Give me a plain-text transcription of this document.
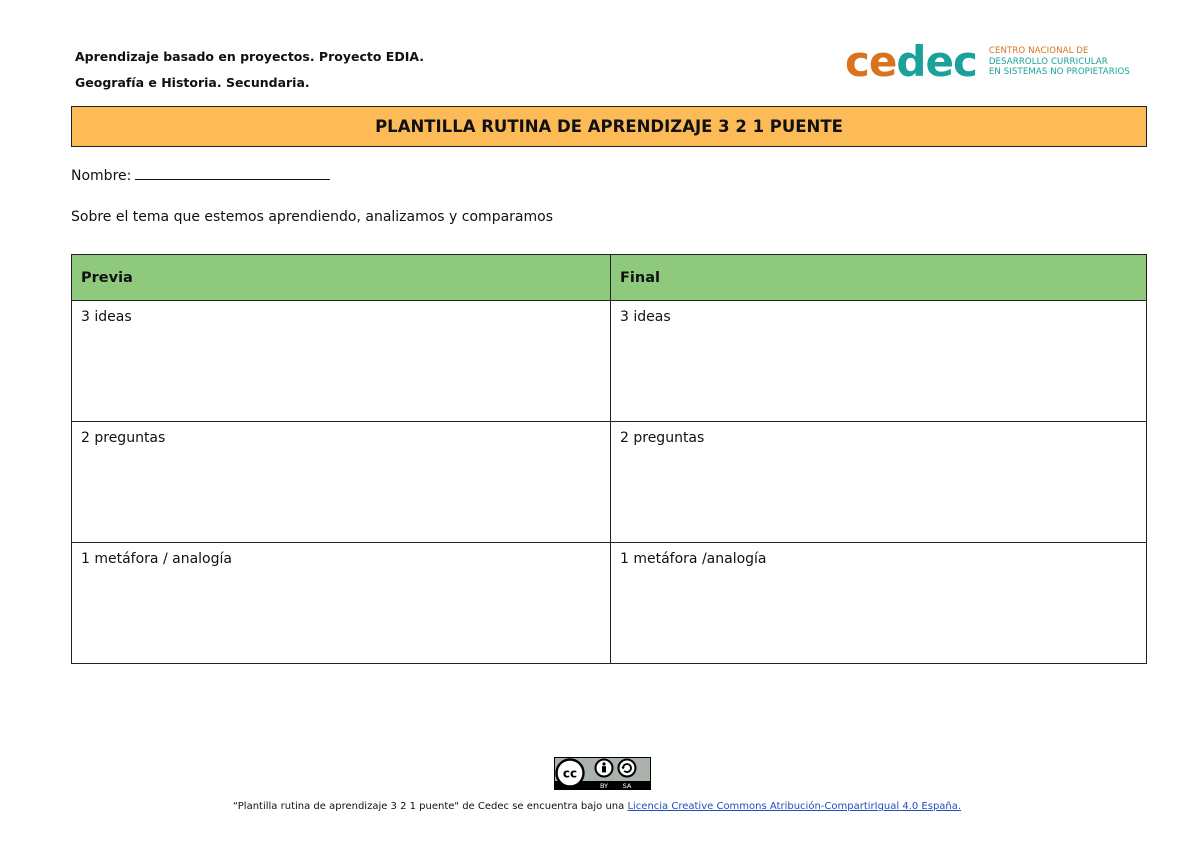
Aprendizaje basado en proyectos. Proyecto EDIA.
Geografía e Historia. Secundaria.	cedec CENTRO NACIONAL DE
DESARROLLO CURRICULAR
EN SISTEMAS NO PROPIETARIOS
PLANTILLA RUTINA DE APRENDIZAJE 3 2 1 PUENTE
Nombre:
Sobre el tema que estemos aprendiendo, analizamos y comparamos
Previa	Final
3 ideas	3 ideas
2 preguntas	2 preguntas
1 metáfora / analogía	1 metáfora /analogía
cc
BY SA
“Plantilla rutina de aprendizaje 3 2 1 puente" de Cedec se encuentra bajo una Licencia Creative Commons Atribución-CompartirIgual 4.0 España.
